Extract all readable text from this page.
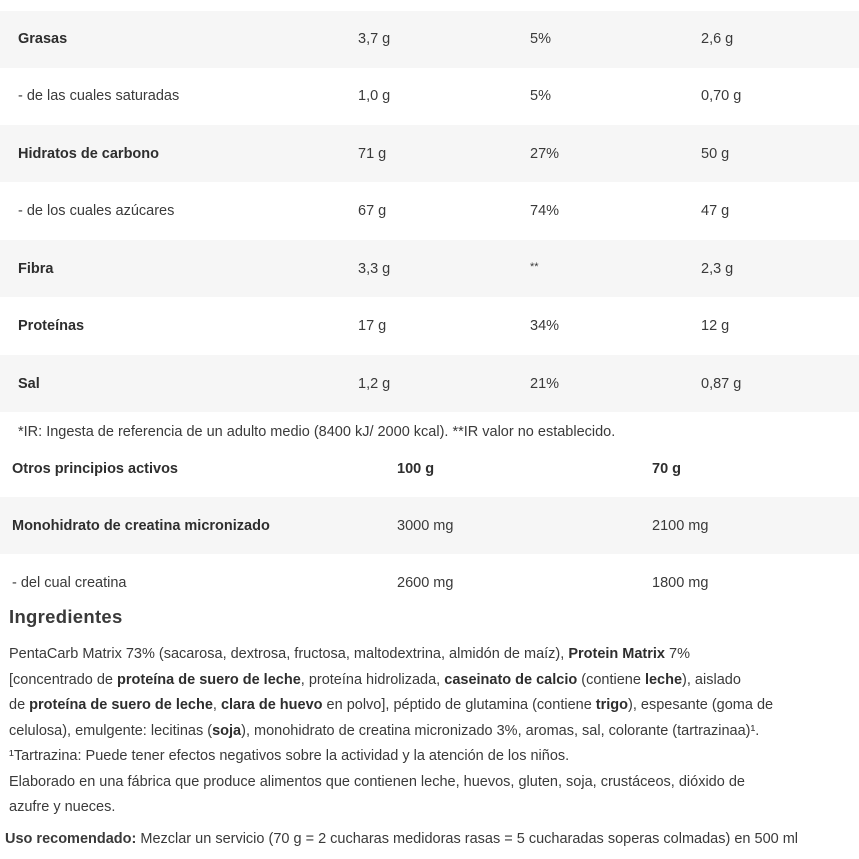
Grasas	3,7 g	5%	2,6 g
- de las cuales saturadas	1,0 g	5%	0,70 g
Hidratos de carbono	71 g	27%	50 g
- de los cuales azúcares	67 g	74%	47 g
Fibra	3,3 g	**	2,3 g
Proteínas	17 g	34%	12 g
Sal	1,2 g	21%	0,87 g
*IR: Ingesta de referencia de un adulto medio (8400 kJ/ 2000 kcal). **IR valor no establecido.
Otros principios activos	100 g	70 g
Monohidrato de creatina micronizado	3000 mg	2100 mg
- del cual creatina	2600 mg	1800 mg
Ingredientes
PentaCarb Matrix 73% (sacarosa, dextrosa, fructosa, maltodextrina, almidón de maíz), Protein Matrix 7%
[concentrado de proteína de suero de leche, proteína hidrolizada, caseinato de calcio (contiene leche), aislado
de proteína de suero de leche, clara de huevo en polvo], péptido de glutamina (contiene trigo), espesante (goma de
celulosa), emulgente: lecitinas (soja), monohidrato de creatina micronizado 3%, aromas, sal, colorante (tartrazinaa)¹.
¹Tartrazina: Puede tener efectos negativos sobre la actividad y la atención de los niños.
Elaborado en una fábrica que produce alimentos que contienen leche, huevos, gluten, soja, crustáceos, dióxido de
azufre y nueces.
Uso recomendado: Mezclar un servicio (70 g = 2 cucharas medidoras rasas = 5 cucharadas soperas colmadas) en 500 ml
